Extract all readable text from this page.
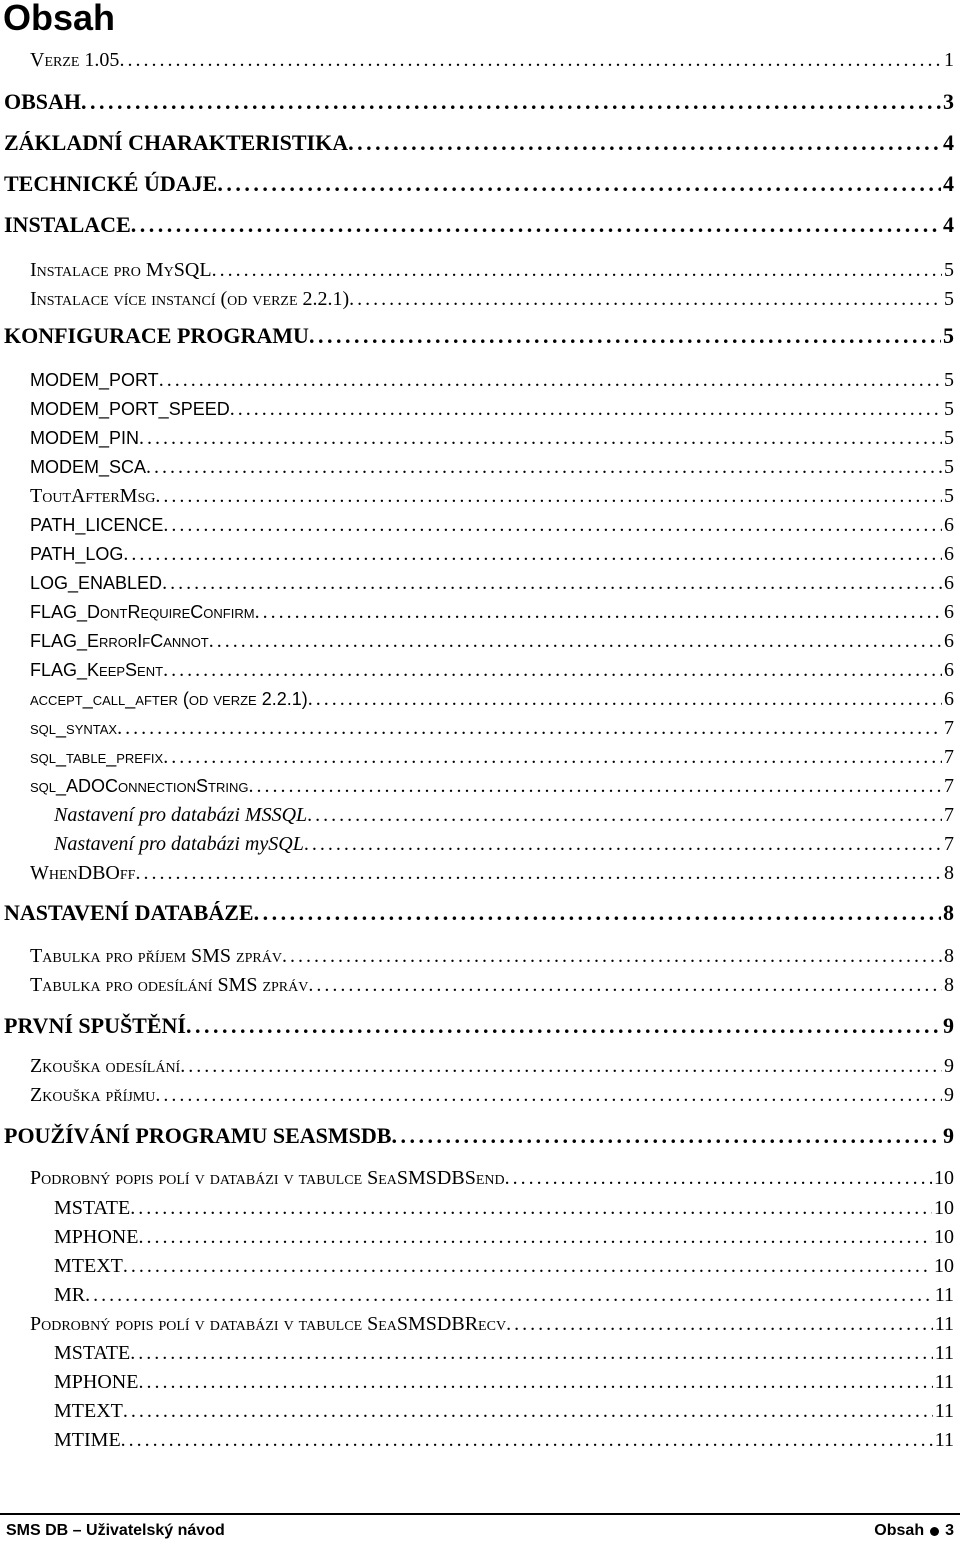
Obsah
Verze 1.05 . . .	1
OBSAH . . .	3
ZÁKLADNÍ CHARAKTERISTIKA . . .	4
TECHNICKÉ ÚDAJE . . .	4
INSTALACE . . .	4
Instalace pro MySQL . . .	5
Instalace více instancí (od verze 2.2.1) . . .	5
KONFIGURACE PROGRAMU . . .	5
MODEM_PORT . . .	5
MODEM_PORT_SPEED . . .	5
MODEM_PIN . . .	5
MODEM_SCA . . .	5
ToutAfterMsg . . .	5
PATH_LICENCE . . .	6
PATH_LOG . . .	6
LOG_ENABLED . . .	6
FLAG_DontRequireConfirm . . .	6
FLAG_ErrorIfCannot . . .	6
FLAG_KeepSent . . .	6
accept_call_after (od verze 2.2.1) . . .	6
sql_syntax . . .	7
sql_table_prefix . . .	7
sql_ADOConnectionString . . .	7
Nastavení pro databázi MSSQL . . .	7
Nastavení pro databázi mySQL . . .	7
WhenDBOff . . .	8
NASTAVENÍ DATABÁZE . . .	8
Tabulka pro příjem SMS zpráv . . .	8
Tabulka pro odesílání SMS zpráv . . .	8
PRVNÍ SPUŠTĚNÍ . . .	9
Zkouška odesílání . . .	9
Zkouška příjmu . . .	9
POUŽÍVÁNÍ PROGRAMU SEASMSDB . . .	9
Podrobný popis polí v databázi v tabulce SeaSMSDBSend . . .	10
MSTATE . . .	10
MPHONE . . .	10
MTEXT . . .	10
MR . . .	11
Podrobný popis polí v databázi v tabulce SeaSMSDBRecv . . .	11
MSTATE . . .	11
MPHONE . . .	11
MTEXT . . .	11
MTIME . . .	11
SMS DB – Uživatelský návod	Obsah 3
